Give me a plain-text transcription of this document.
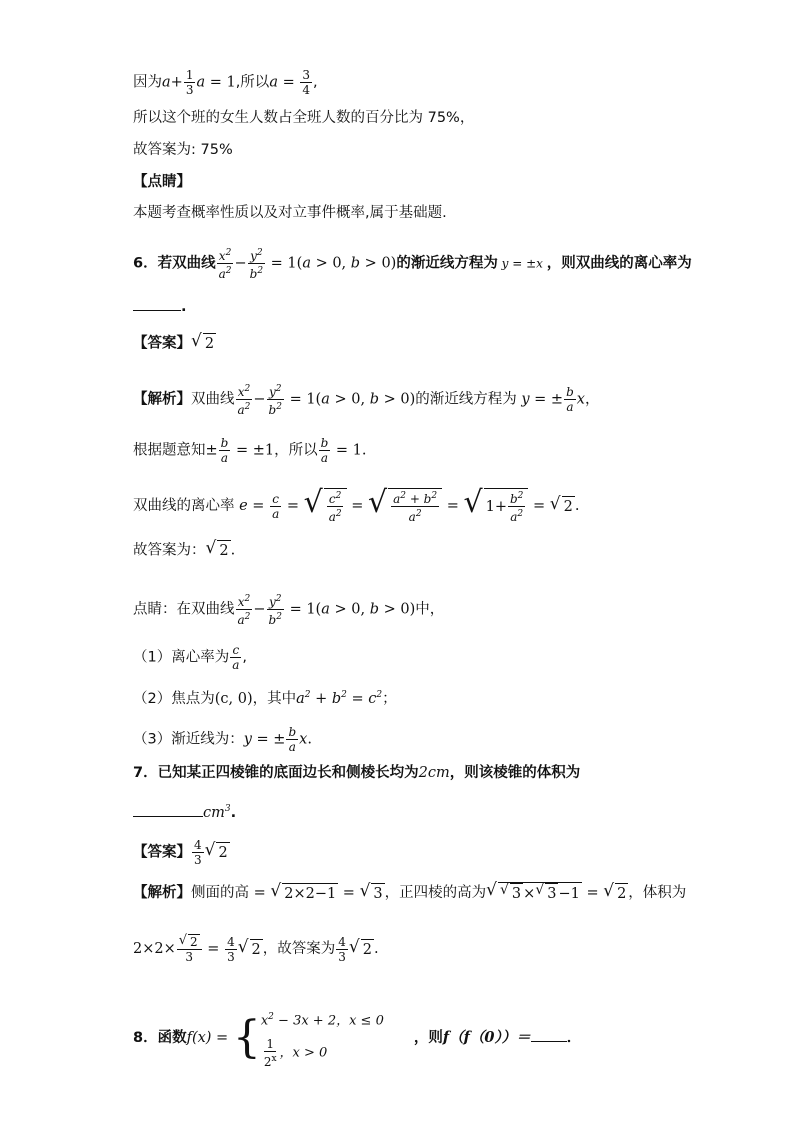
因为$a+ \frac{1}{3}$ a = 1,所以$a = \frac{3}{4}$ ,
所以这个班的女生人数占全班人数的百分比为 75%，
故答案为: 75%
【点睛】
本题考查概率性质以及对立事件概率,属于基础题.
6．若双曲线 $\frac{x^2}{a^2} - \frac{y^2}{b^2} = 1(a > 0$, b > 0)的渐近线方程为 y = ±x ，则双曲线的离心率为
.
【答案】 √ 2
【解析】双曲线 $\frac{x^2}{a^2} - \frac{y^2}{b^2} = 1(a > 0$, b > 0)的渐近线方程为 y = ± $\frac{b}{a}$ x，
根据题意知± $\frac{b}{a} = \pm 1$，所以 $\frac{b}{a} = 1$.
双曲线的离心率 $e = \frac{c}{a}$ = √ $\frac{c^2}{a^2}$ = √ $\frac{a^2 + b^2}{a^2}$ = √ $1+ \frac{b^2}{a^2}$ = √ 2 .
故答案为： √ 2 .
点睛：在双曲线 $\frac{x^2}{a^2} - \frac{y^2}{b^2} = 1(a > 0$, b > 0)中，
（1）离心率为 $\frac{c}{a}$ ,
（2）焦点为(c, 0)，其中$a^2 + b^2 = c^2$；
（3）渐近线为：y = ± $\frac{b}{a} x$.
7．已知某正四棱锥的底面边长和侧棱长均为2cm，则该棱锥的体积为
$cm^3$.
【答案】 $\frac{4}{3}$ √ 2
【解析】侧面的高 = √ 2×2−1 = √ 3 ，正四棱的高为 √ √ 3 × √ 3 −1 = √ 2 ，体积为
$2\times 2\times \frac{√ 2}{3} = \frac{4}{3}$ √ 2 ，故答案为 $\frac{4}{3}$ √ 2 .
8．函数f(x) = { $x^2 - 3x + 2$，x ≤ 0
$\frac{1}{2^x}$ ，x > 0
，则f（f（0））＝ ．
